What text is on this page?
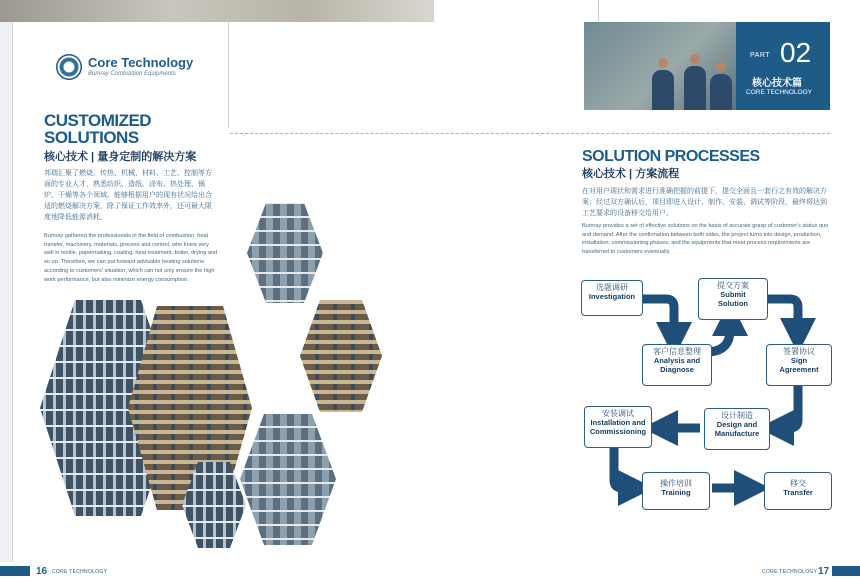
Core Technology
Bumray Combustion Equipments
CUSTOMIZED
SOLUTIONS
核心技术 | 量身定制的解决方案
邦瑞汇聚了燃烧、传热、机械、材料、工艺、控制等方面的专业人才，熟悉纺织、造纸、涂布、热处理、锅炉、干燥等各个领域。能够根据用户的现有状况给出合适的燃烧解决方案，除了保证工作效率外，还可最大限度地降低能源消耗。
Bumray gathered the professionals in the field of combustion, heat transfer, machinery, materials, process and control, who knew very well in textile, papermaking, coating, heat treatment, boiler, drying and so on. Therefore, we can put forward advisable heating solutions according to customers' situation, which can not only ensure the high work performance, but also minimize energy consumption.
PART 02
核心技术篇
CORE TECHNOLOGY
SOLUTION PROCESSES
核心技术 | 方案流程
在对用户现状和需求进行准确把握的前提下，提交全面且一套行之有效的解决方案；经过双方确认后，项目即进入设计、制作、安装、调试等阶段，最终将达到工艺要求的设备移交给用户。
Bumray provides a set of effective solutions on the basis of accurate grasp of customer's status quo and demand. After the confirmation between both sides, the project turns into design, production, installation, commissioning phases, and the equipments that meet process requirements are transferred to customers eventually.
选题调研
Investigation
提交方案
Submit
Solution
客户信息整理
Analysis and
Diagnose
签署协议
Sign
Agreement
安装调试
Installation and
Commissioning
设计制造
Design and
Manufacture
操作培训
Training
移交
Transfer
16 CORE TECHNOLOGY	CORE TECHNOLOGY 17
